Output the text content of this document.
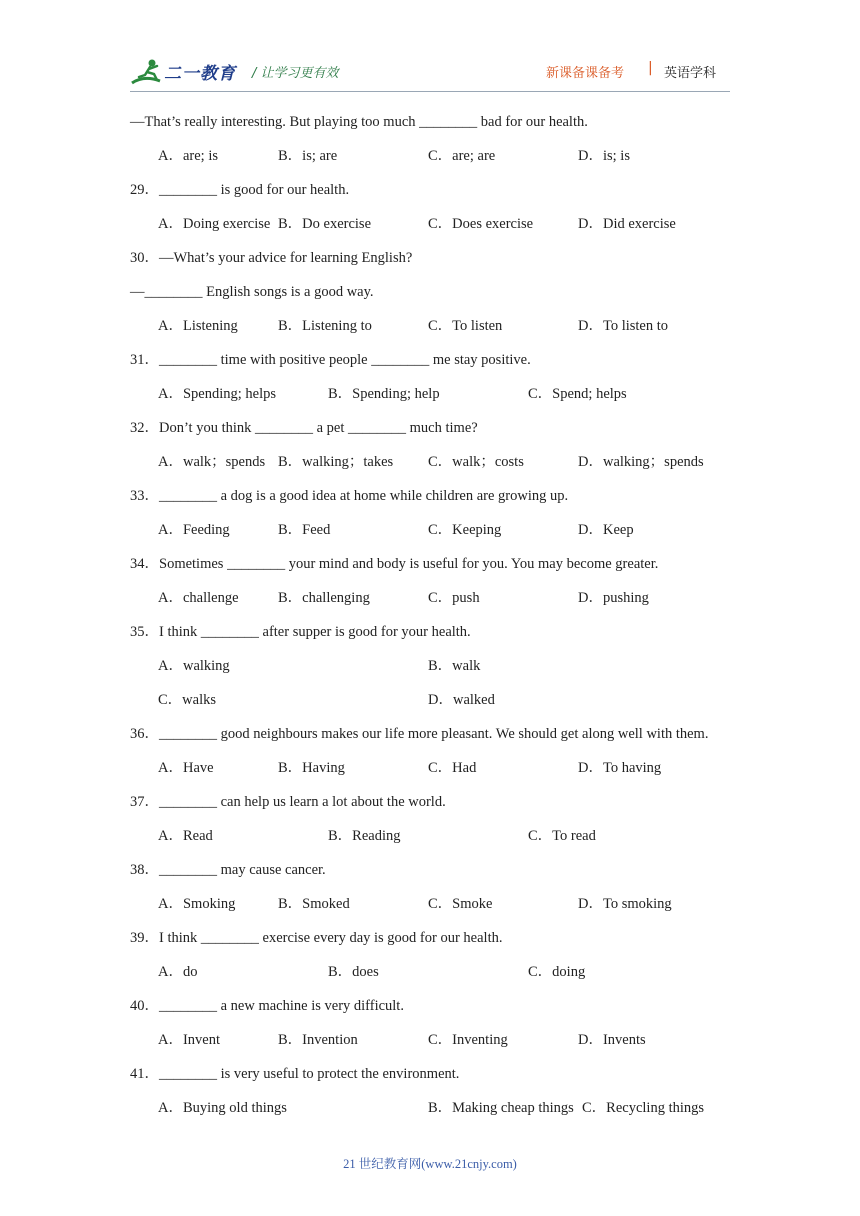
二一教育 / 让学习更有效	新课备课备考 | 英语学科
—That’s really interesting. But playing too much ________ bad for our health.
A．are; is	B．is; are	C．are; are	D．is; is
29．________ is good for our health.
A．Doing exercise B．Do exercise	C．Does exercise	D．Did exercise
30．—What’s your advice for learning English?
—________ English songs is a good way.
A．Listening	B．Listening to	C．To listen	D．To listen to
31．________ time with positive people ________ me stay positive.
A．Spending; helps	B．Spending; help	C．Spend; helps
32．Don’t you think ________ a pet ________ much time?
A．walk；spends B．walking；takes C．walk；costs	D．walking；spends
33．________ a dog is a good idea at home while children are growing up.
A．Feeding	B．Feed	C．Keeping	D．Keep
34．Sometimes ________ your mind and body is useful for you. You may become greater.
A．challenge	B．challenging	C．push	D．pushing
35．I think ________ after supper is good for your health.
A．walking	B．walk
C．walks	D．walked
36．________ good neighbours makes our life more pleasant. We should get along well with them.
A．Have	B．Having	C．Had	D．To having
37．________ can help us learn a lot about the world.
A．Read	B．Reading	C．To read
38．________ may cause cancer.
A．Smoking	B．Smoked	C．Smoke	D．To smoking
39．I think ________ exercise every day is good for our health.
A．do	B．does	C．doing
40．________ a new machine is very difficult.
A．Invent	B．Invention	C．Inventing	D．Invents
41．________ is very useful to protect the environment.
A．Buying old things	B．Making cheap things C．Recycling things
21 世纪教育网(www.21cnjy.com)
